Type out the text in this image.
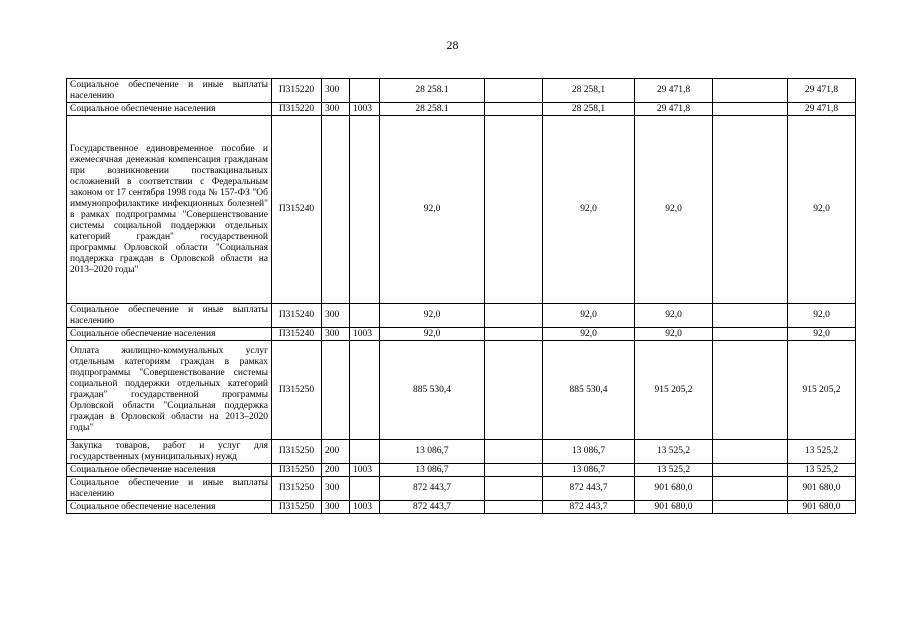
28
Социальное обеспечение и иные выплаты населению	П315220	300		28 258.1		28 258,1	29 471,8		29 471,8
Социальное обеспечение населения	П315220	300	1003	28 258.1		28 258,1	29 471,8		29 471,8
Государственное единовременное пособие и ежемесячная денежная компенсация гражданам при возникновении поствакцинальных осложнений в соответствии с Федеральным законом от 17 сентября 1998 года № 157-ФЗ "Об иммунопрофилактике инфекционных болезней" в рамках подпрограммы "Совершенствование системы социальной поддержки отдельных категорий граждан" государственной программы Орловской области "Социальная поддержка граждан в Орловской области на 2013–2020 годы"	П315240			92,0		92,0	92,0		92,0
Социальное обеспечение и иные выплаты населению	П315240	300		92,0		92,0	92,0		92,0
Социальное обеспечение населения	П315240	300	1003	92,0		92,0	92,0		92,0
Оплата жилищно-коммунальных услуг отдельным категориям граждан в рамках подпрограммы "Совершенствование системы социальной поддержки отдельных категорий граждан" государственной программы Орловской области "Социальная поддержка граждан в Орловской области на 2013–2020 годы"	П315250			885 530,4		885 530,4	915 205,2		915 205,2
Закупка товаров, работ и услуг для государственных (муниципальных) нужд	П315250	200		13 086,7		13 086,7	13 525,2		13 525,2
Социальное обеспечение населения	П315250	200	1003	13 086,7		13 086,7	13 525,2		13 525,2
Социальное обеспечение и иные выплаты населению	П315250	300		872 443,7		872 443,7	901 680,0		901 680,0
Социальное обеспечение населения	П315250	300	1003	872 443,7		872 443,7	901 680,0		901 680,0
